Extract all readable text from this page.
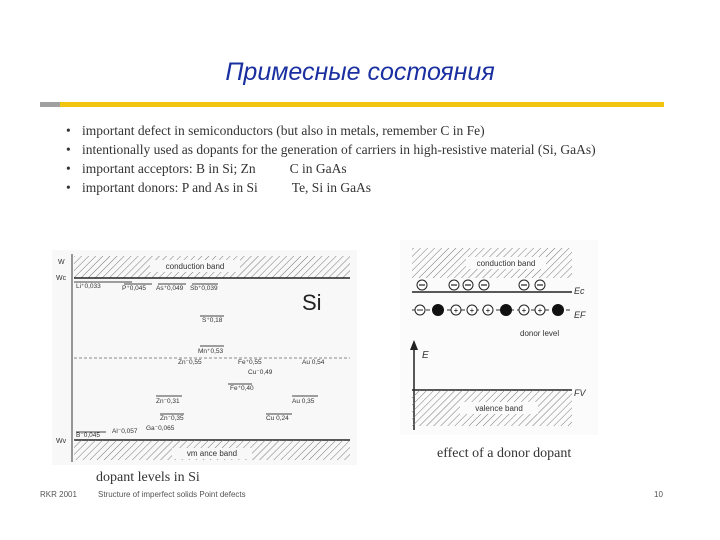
Примесные состояния
• important defect in semiconductors (but also in metals, remember C in Fe)
• intentionally used as dopants for the generation of carriers in high-resistive material (Si, GaAs)
• important acceptors: B in Si; Zn	C in GaAs
• important donors: P and As in Si	Te, Si in GaAs
conduction band
vm ance band
W
Wc
Wv
Si
Li⁺0,033	P⁺0,045 As⁺0,049 Sb⁺0,039
S⁺0,18
Mn⁺0,53
Zn⁻0,55	Fe⁺0,55	Au 0,54
Cu⁻0,49
Fe⁺0,40
Zn⁻0,31	Au 0,35
Zn⁻0,35	Cu 0,24
Ga⁻0,065
Al⁻0,057
B⁻0,045
dopant levels in Si
conduction band
Ec
EF
+ + +	+ +
donor level
E
FV
valence band
effect of a donor dopant
RKR 2001	Structure of imperfect solids Point defects	10
